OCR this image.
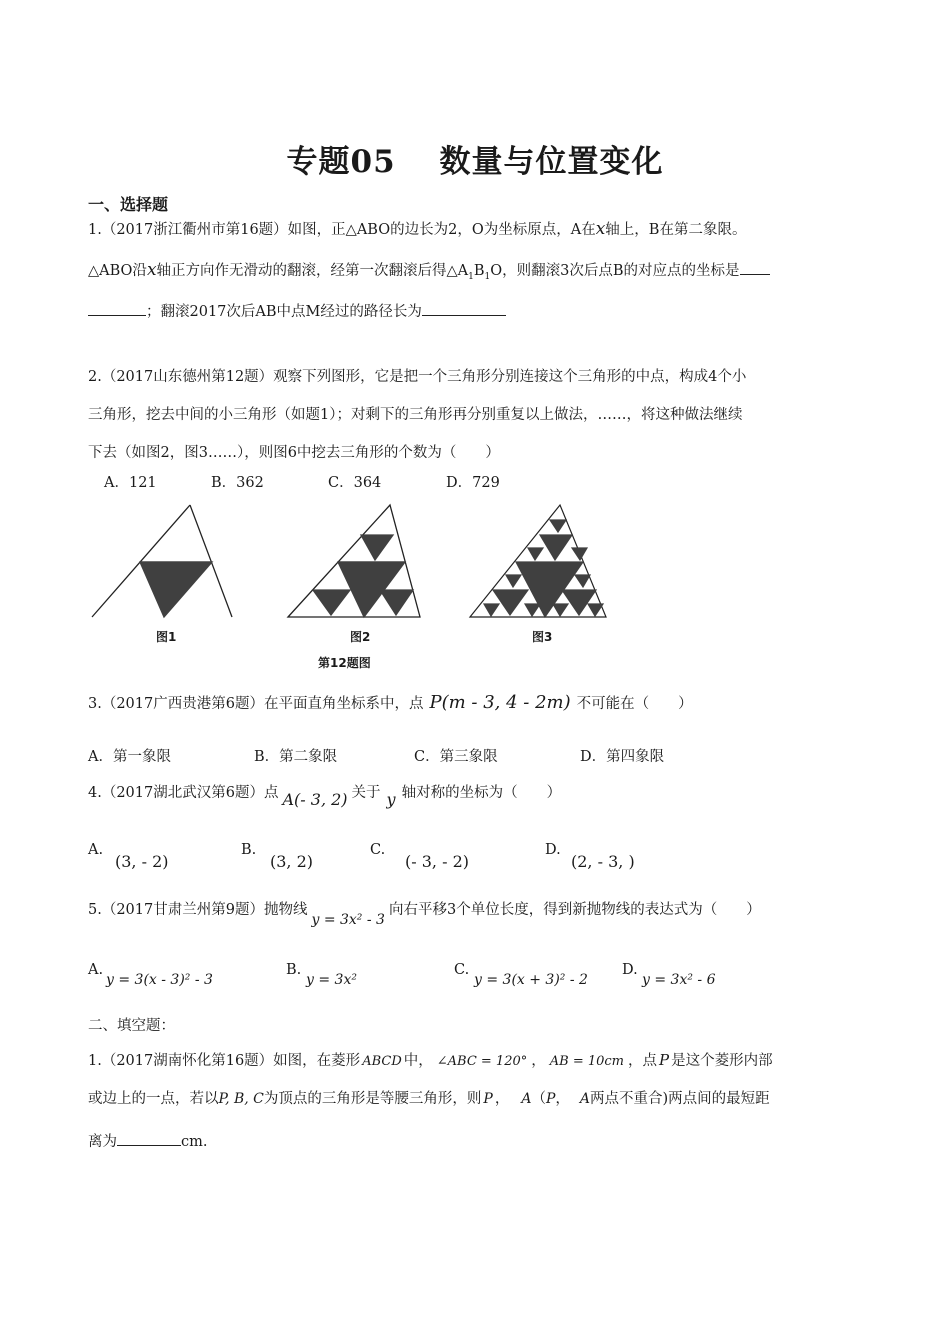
专题05　 数量与位置变化
一、选择题
1.（2017浙江衢州市第16题）如图，正△ABO的边长为2，O为坐标原点，A在x轴上，B在第二象限。
△ABO沿x轴正方向作无滑动的翻滚，经第一次翻滚后得$\triangle A_1B_1O$，则翻滚3次后点B的对应点的坐标是
；翻滚2017次后AB中点M经过的路径长为
2.（2017山东德州第12题）观察下列图形，它是把一个三角形分别连接这个三角形的中点，构成4个小
三角形，挖去中间的小三角形（如题1）；对剩下的三角形再分别重复以上做法，……，将这种做法继续
下去（如图2，图3……），则图6中挖去三角形的个数为（　　）
A．121	B．362	C．364	D．729
图1	图2	图3
第12题图
3.（2017广西贵港第6题）在平面直角坐标系中，点 P(m - 3, 4 - 2m) 不可能在（　　）
A．第一象限	B．第二象限	C．第三象限	D．第四象限
4.（2017湖北武汉第6题）点 A(- 3, 2) 关于 y 轴对称的坐标为（　　）
A.
(3, - 2)
B.
(3, 2)
C.
(- 3, - 2)
D.
(2, - 3, )
5.（2017甘肃兰州第9题）抛物线y = 3x² - 3向右平移3个单位长度，得到新抛物线的表达式为（　　）
A.
y = 3(x - 3)² - 3
B.
y = 3x²
C.
y = 3(x + 3)² - 2
D.
y = 3x² - 6
二、填空题：
1.（2017湖南怀化第16题）如图，在菱形 ABCD 中， ∠ABC = 120° ， AB = 10cm ，点 P 是这个菱形内部
或边上的一点，若以P, B, C为顶点的三角形是等腰三角形，则 P ， A（P， A两点不重合)两点间的最短距
离为	cm.
